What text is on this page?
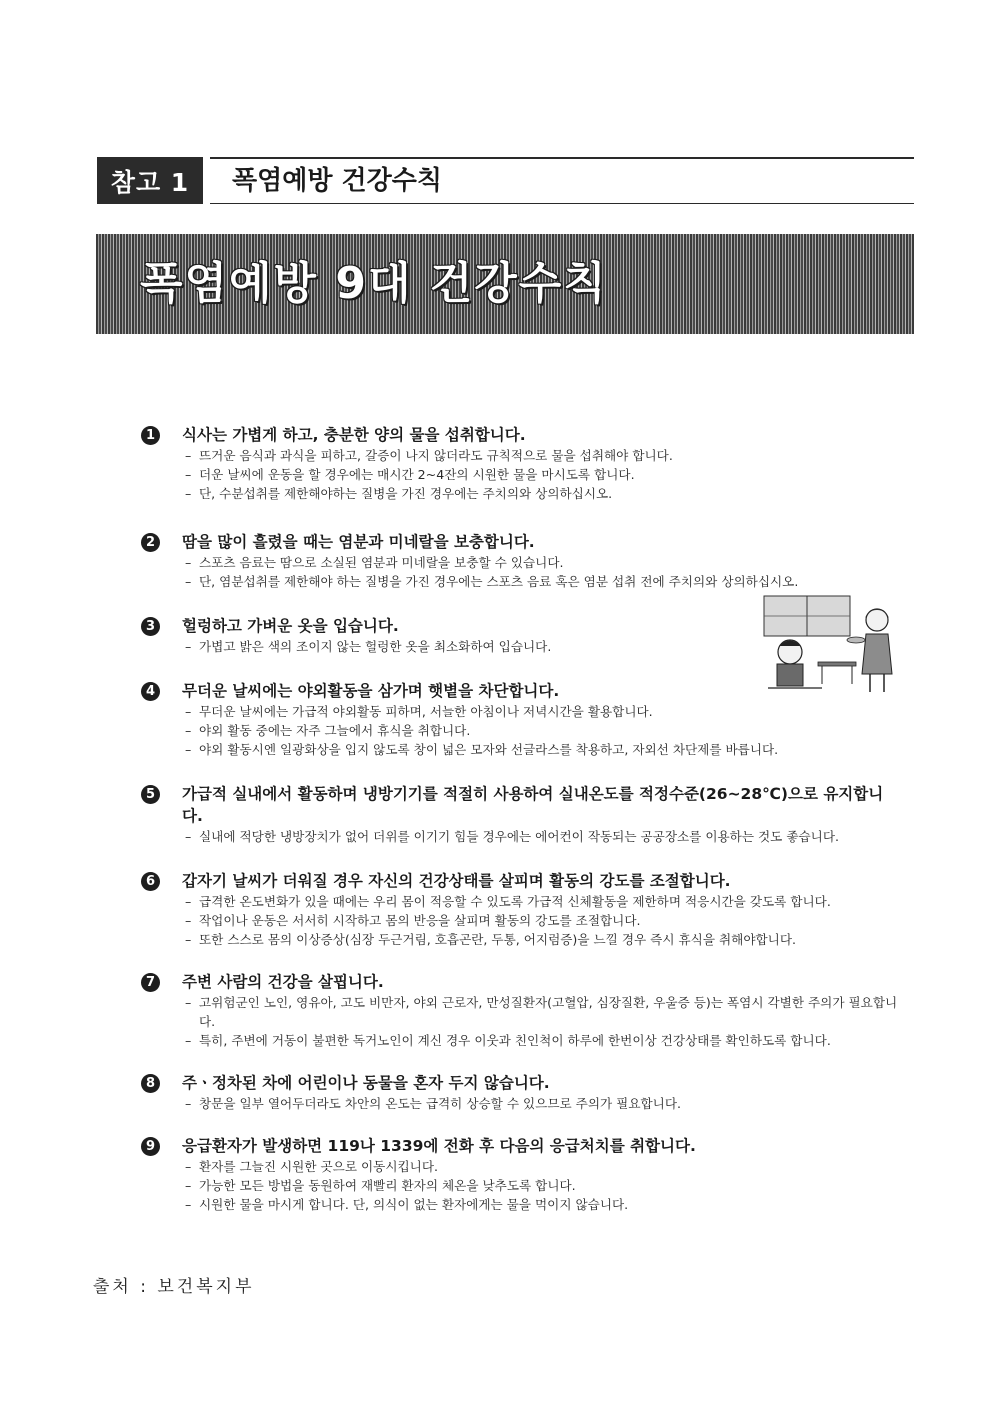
참고 1	폭염예방 건강수칙
폭염예방 9대 건강수칙
1	식사는 가볍게 하고, 충분한 양의 물을 섭취합니다.
– 뜨거운 음식과 과식을 피하고, 갈증이 나지 않더라도 규칙적으로 물을 섭취해야 합니다.
– 더운 날씨에 운동을 할 경우에는 매시간 2~4잔의 시원한 물을 마시도록 합니다.
– 단, 수분섭취를 제한해야하는 질병을 가진 경우에는 주치의와 상의하십시오.
2	땀을 많이 흘렸을 때는 염분과 미네랄을 보충합니다.
– 스포츠 음료는 땀으로 소실된 염분과 미네랄을 보충할 수 있습니다.
– 단, 염분섭취를 제한해야 하는 질병을 가진 경우에는 스포츠 음료 혹은 염분 섭취 전에 주치의와 상의하십시오.
3	헐렁하고 가벼운 옷을 입습니다.
– 가볍고 밝은 색의 조이지 않는 헐렁한 옷을 최소화하여 입습니다.
4	무더운 날씨에는 야외활동을 삼가며 햇볕을 차단합니다.
– 무더운 날씨에는 가급적 야외활동 피하며, 서늘한 아침이나 저녁시간을 활용합니다.
– 야외 활동 중에는 자주 그늘에서 휴식을 취합니다.
– 야외 활동시엔 일광화상을 입지 않도록 창이 넓은 모자와 선글라스를 착용하고, 자외선 차단제를 바릅니다.
5	가급적 실내에서 활동하며 냉방기기를 적절히 사용하여 실내온도를 적정수준(26~28℃)으로 유지합니다.
– 실내에 적당한 냉방장치가 없어 더위를 이기기 힘들 경우에는 에어컨이 작동되는 공공장소를 이용하는 것도 좋습니다.
6	갑자기 날씨가 더워질 경우 자신의 건강상태를 살피며 활동의 강도를 조절합니다.
– 급격한 온도변화가 있을 때에는 우리 몸이 적응할 수 있도록 가급적 신체활동을 제한하며 적응시간을 갖도록 합니다.
– 작업이나 운동은 서서히 시작하고 몸의 반응을 살피며 활동의 강도를 조절합니다.
– 또한 스스로 몸의 이상증상(심장 두근거림, 호흡곤란, 두통, 어지럼증)을 느낄 경우 즉시 휴식을 취해야합니다.
7	주변 사람의 건강을 살핍니다.
– 고위험군인 노인, 영유아, 고도 비만자, 야외 근로자, 만성질환자(고혈압, 심장질환, 우울증 등)는 폭염시 각별한 주의가 필요합니다.
– 특히, 주변에 거동이 불편한 독거노인이 계신 경우 이웃과 친인척이 하루에 한번이상 건강상태를 확인하도록 합니다.
8	주ㆍ정차된 차에 어린이나 동물을 혼자 두지 않습니다.
– 창문을 일부 열어두더라도 차안의 온도는 급격히 상승할 수 있으므로 주의가 필요합니다.
9	응급환자가 발생하면 119나 1339에 전화 후 다음의 응급처치를 취합니다.
– 환자를 그늘진 시원한 곳으로 이동시킵니다.
– 가능한 모든 방법을 동원하여 재빨리 환자의 체온을 낮추도록 합니다.
– 시원한 물을 마시게 합니다. 단, 의식이 없는 환자에게는 물을 먹이지 않습니다.
출처 : 보건복지부
